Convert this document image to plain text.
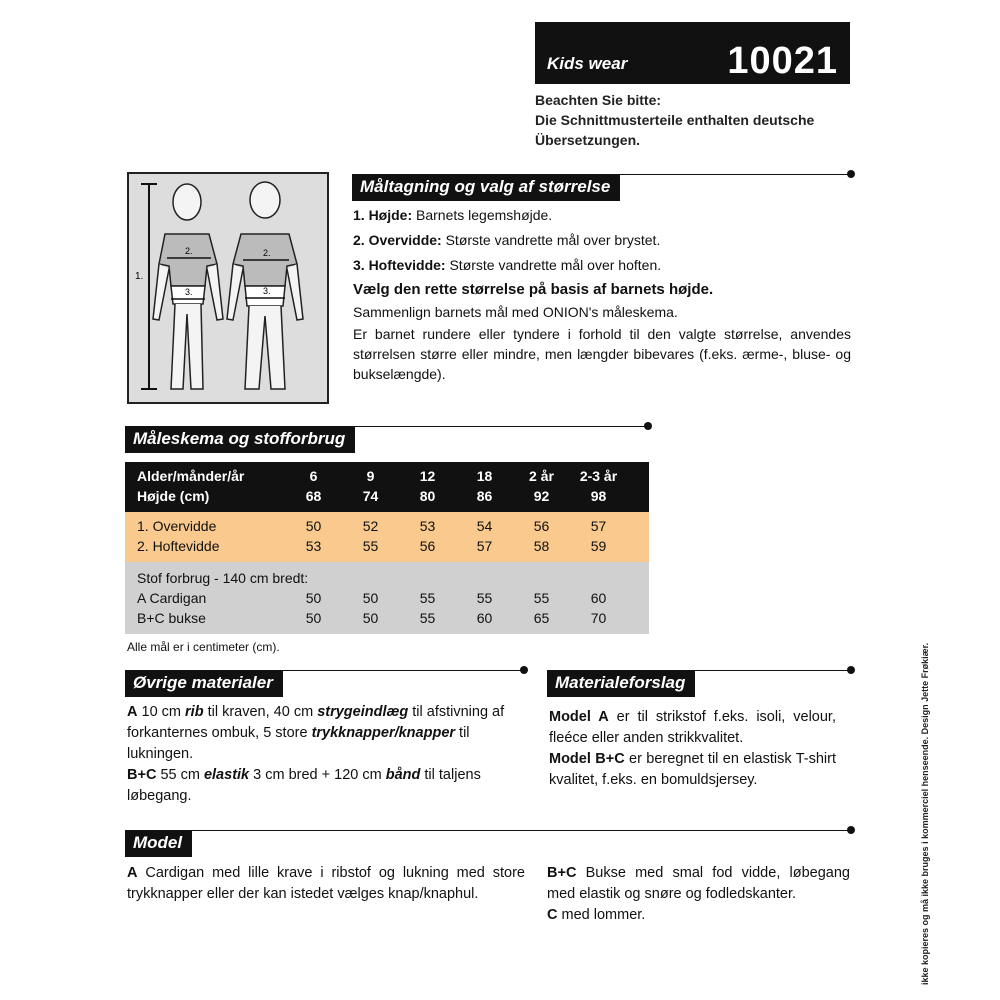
Kids wear	10021
Beachten Sie bitte:
Die Schnittmusterteile enthalten deutsche
Übersetzungen.
1.
2.
3.
2.
3.
Måltagning og valg af størrelse
1. Højde: Barnets legemshøjde.
2. Overvidde: Største vandrette mål over brystet.
3. Hoftevidde: Største vandrette mål over hoften.
Vælg den rette størrelse på basis af barnets højde.
Sammenlign barnets mål med ONION's måleskema.
Er barnet rundere eller tyndere i forhold til den valgte størrelse, anvendes størrelsen større eller mindre, men længder bibevares (f.eks. ærme-, bluse- og bukselængde).
Måleskema og stofforbrug
Alder/månder/år	6	9	12	18	2 år	2-3 år
Højde (cm)	68	74	80	86	92	98
1. Overvidde	50	52	53	54	56	57
2. Hoftevidde	53	55	56	57	58	59
Stof forbrug - 140 cm bredt:
A Cardigan	50	50	55	55	55	60
B+C bukse	50	50	55	60	65	70
Alle mål er i centimeter (cm).
Øvrige materialer
A 10 cm rib til kraven, 40 cm strygeindlæg til afstivning af forkanternes ombuk, 5 store trykknapper/knapper til lukningen.
B+C 55 cm elastik 3 cm bred + 120 cm bånd til taljens løbegang.
Materialeforslag
Model A er til strikstof f.eks. isoli, velour, fleéce eller anden strikkvalitet.
Model B+C er beregnet til en elastisk T-shirt kvalitet, f.eks. en bomuldsjersey.
Model
A Cardigan med lille krave i ribstof og lukning med store trykknapper eller der kan istedet vælges knap/knaphul.
B+C Bukse med smal fod vidde, løbegang med elastik og snøre og fodledskanter.
C med lommer.	ikke kopieres og må ikke bruges i kommerciel henseende. Design Jette Frøkiær.
